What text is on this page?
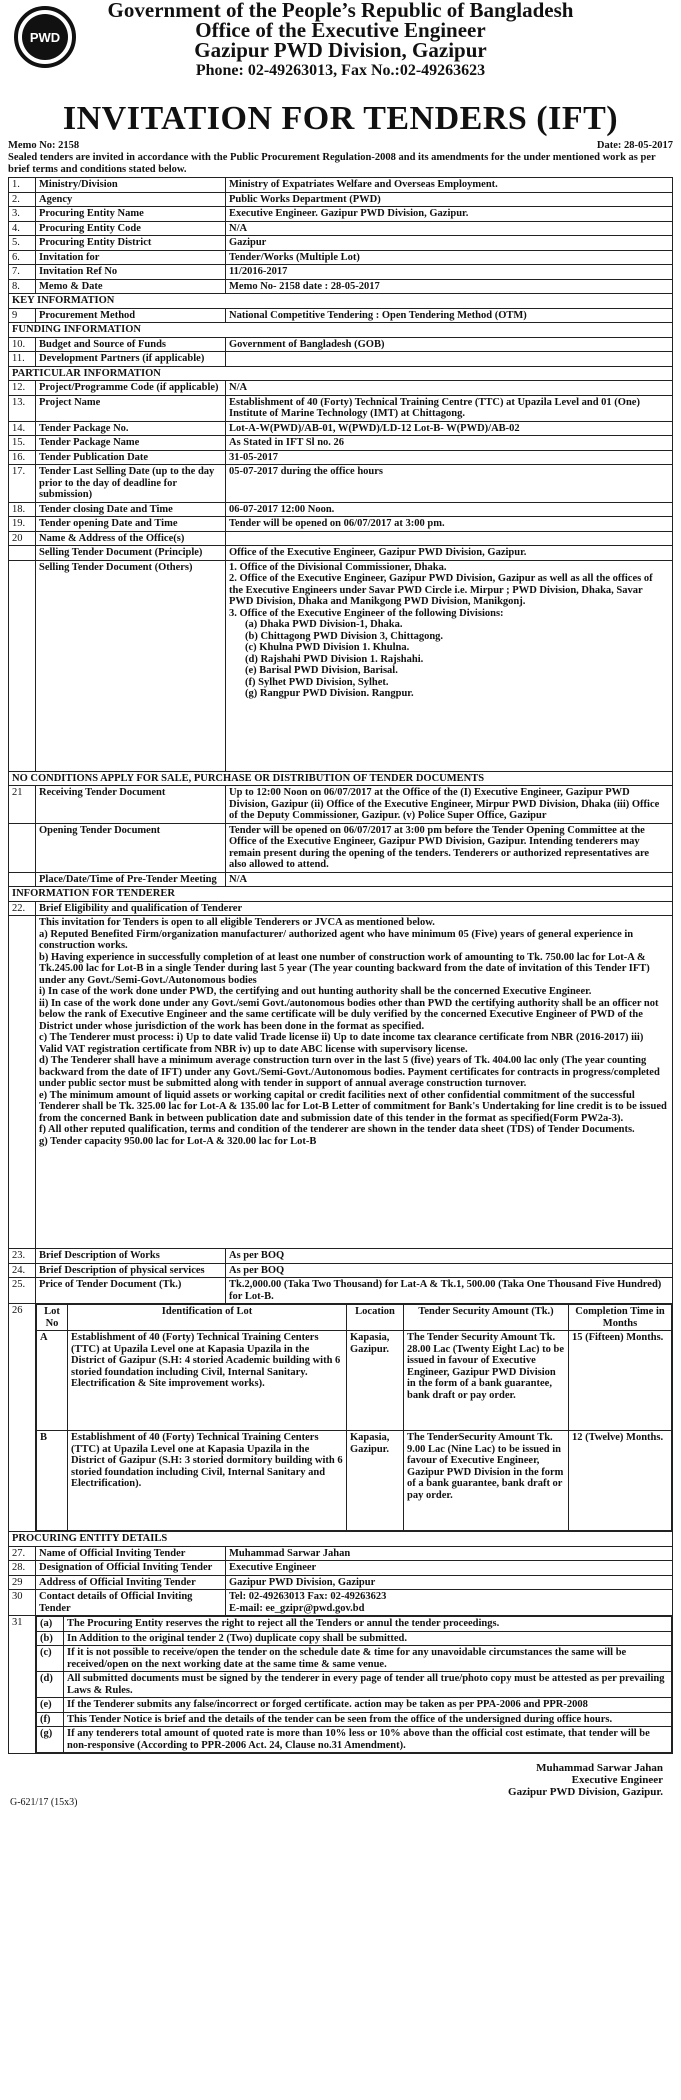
PWD
Government of the People’s Republic of Bangladesh
Office of the Executive Engineer
Gazipur PWD Division, Gazipur
Phone: 02-49263013, Fax No.:02-49263623
INVITATION FOR TENDERS (IFT)
Memo No: 2158	Date: 28-05-2017
Sealed tenders are invited in accordance with the Public Procurement Regulation-2008 and its amendments for the under mentioned work as per brief terms and conditions stated below.
1.	Ministry/Division	Ministry of Expatriates Welfare and Overseas Employment.
2.	Agency	Public Works Department (PWD)
3.	Procuring Entity Name	Executive Engineer. Gazipur PWD Division, Gazipur.
4.	Procuring Entity Code	N/A
5.	Procuring Entity District	Gazipur
6.	Invitation for	Tender/Works (Multiple Lot)
7.	Invitation Ref No	11/2016-2017
8.	Memo & Date	Memo No- 2158 date : 28-05-2017
KEY INFORMATION
9	Procurement Method	National Competitive Tendering : Open Tendering Method (OTM)
FUNDING INFORMATION
10.	Budget and Source of Funds	Government of Bangladesh (GOB)
11.	Development Partners (if applicable)	
PARTICULAR INFORMATION
12.	Project/Programme Code (if applicable)	N/A
13.	Project Name	Establishment of 40 (Forty) Technical Training Centre (TTC) at Upazila Level and 01 (One) Institute of Marine Technology (IMT) at Chittagong.
14.	Tender Package No.	Lot-A-W(PWD)/AB-01, W(PWD)/LD-12 Lot-B- W(PWD)/AB-02
15.	Tender Package Name	As Stated in IFT Sl no. 26
16.	Tender Publication Date	31-05-2017
17.	Tender Last Selling Date (up to the day prior to the day of deadline for submission)	05-07-2017 during the office hours
18.	Tender closing Date and Time	06-07-2017 12:00 Noon.
19.	Tender opening Date and Time	Tender will be opened on 06/07/2017 at 3:00 pm.
20	Name & Address of the Office(s)	
	Selling Tender Document (Principle)	Office of the Executive Engineer, Gazipur PWD Division, Gazipur.
	Selling Tender Document (Others)	1. Office of the Divisional Commissioner, Dhaka.
2. Office of the Executive Engineer, Gazipur PWD Division, Gazipur as well as all the offices of the Executive Engineers under Savar PWD Circle i.e. Mirpur ; PWD Division, Dhaka, Savar PWD Division, Dhaka and Manikgong PWD Division, Manikgonj.
3. Office of the Executive Engineer of the following Divisions:
(a) Dhaka PWD Division-1, Dhaka.
(b) Chittagong PWD Division 3, Chittagong.
(c) Khulna PWD Division 1. Khulna.
(d) Rajshahi PWD Division 1. Rajshahi.
(e) Barisal PWD Division, Barisal.
(f) Sylhet PWD Division, Sylhet.
(g) Rangpur PWD Division. Rangpur.

NO CONDITIONS APPLY FOR SALE, PURCHASE OR DISTRIBUTION OF TENDER DOCUMENTS
21	Receiving Tender Document	Up to 12:00 Noon on 06/07/2017 at the Office of the (I) Executive Engineer, Gazipur PWD Division, Gazipur (ii) Office of the Executive Engineer, Mirpur PWD Division, Dhaka (iii) Office of the Deputy Commissioner, Gazipur. (v) Police Super Office, Gazipur
	Opening Tender Document	Tender will be opened on 06/07/2017 at 3:00 pm before the Tender Opening Committee at the Office of the Executive Engineer, Gazipur PWD Division, Gazipur. Intending tenderers may remain present during the opening of the tenders. Tenderers or authorized representatives are also allowed to attend.
	Place/Date/Time of Pre-Tender Meeting	N/A
INFORMATION FOR TENDERER
22.	Brief Eligibility and qualification of Tenderer

This invitation for Tenders is open to all eligible Tenderers or JVCA as mentioned below.

a) Reputed Benefited Firm/organization manufacturer/ authorized agent who have minimum 05 (Five) years of general experience in construction works.

b) Having experience in successfully completion of at least one number of construction work of amounting to Tk. 750.00 lac for Lot-A & Tk.245.00 lac for Lot-B in a single Tender during last 5 year (The year counting backward from the date of invitation of this Tender IFT) under any Govt./Semi-Govt./Autonomous bodies

i) In case of the work done under PWD, the certifying and out hunting authority shall be the concerned Executive Engineer.

ii) In case of the work done under any Govt./semi Govt./autonomous bodies other than PWD the certifying authority shall be an officer not below the rank of Executive Engineer and the same certificate will be duly verified by the concerned Executive Engineer of PWD of the District under whose jurisdiction of the work has been done in the format as specified.

c) The Tenderer must process: i) Up to date valid Trade license ii) Up to date income tax clearance certificate from NBR (2016-2017) iii) Valid VAT registration certificate from NBR iv) up to date ABC license with supervisory license.

d) The Tenderer shall have a minimum average construction turn over in the last 5 (five) years of Tk. 404.00 lac only (The year counting backward from the date of IFT) under any Govt./Semi-Govt./Autonomous bodies. Payment certificates for contracts in progress/completed under public sector must be submitted along with tender in support of annual average construction turnover.

e) The minimum amount of liquid assets or working capital or credit facilities next of other confidential commitment of the successful Tenderer shall be Tk. 325.00 lac for Lot-A & 135.00 lac for Lot-B Letter of commitment for Bank's Undertaking for line credit is to be issued from the concerned Bank in between publication date and submission date of this tender in the format as specified(Form PW2a-3).

f) All other reputed qualification, terms and condition of the tenderer are shown in the tender data sheet (TDS) of Tender Documents.

g) Tender capacity 950.00 lac for Lot-A & 320.00 lac for Lot-B

23.	Brief Description of Works	As per BOQ
24.	Brief Description of physical services	As per BOQ
25.	Price of Tender Document (Tk.)	Tk.2,000.00 (Taka Two Thousand) for Lat-A & Tk.1, 500.00 (Taka One Thousand Five Hundred) for Lot-B.
26	Lot No	Identification of Lot	Location	Tender Security Amount (Tk.)	Completion Time in Months
A	Establishment of 40 (Forty) Technical Training Centers (TTC) at Upazila Level one at Kapasia Upazila in the District of Gazipur (S.H: 4 storied Academic building with 6 storied foundation including Civil, Internal Sanitary. Electrification & Site improvement works).	Kapasia, Gazipur.	The Tender Security Amount Tk. 28.00 Lac (Twenty Eight Lac) to be issued in favour of Executive Engineer, Gazipur PWD Division in the form of a bank guarantee, bank draft or pay order.	15 (Fifteen) Months.
B	Establishment of 40 (Forty) Technical Training Centers (TTC) at Upazila Level one at Kapasia Upazila in the District of Gazipur (S.H: 3 storied dormitory building with 6 storied foundation including Civil, Internal Sanitary and Electrification).	Kapasia, Gazipur.	The TenderSecurity Amount Tk. 9.00 Lac (Nine Lac) to be issued in favour of Executive Engineer, Gazipur PWD Division in the form of a bank guarantee, bank draft or pay order.	12 (Twelve) Months.

PROCURING ENTITY DETAILS
27.	Name of Official Inviting Tender	Muhammad Sarwar Jahan
28.	Designation of Official Inviting Tender	Executive Engineer
29	Address of Official Inviting Tender	Gazipur PWD Division, Gazipur
30	Contact details of Official Inviting Tender	
Tel: 02-49263013 Fax: 02-49263623
E-mail: ee_gzipr@pwd.gov.bd

31	(a)	The Procuring Entity reserves the right to reject all the Tenders or annul the tender proceedings.
(b)	In Addition to the original tender 2 (Two) duplicate copy shall be submitted.
(c)	If it is not possible to receive/open the tender on the schedule date & time for any unavoidable circumstances the same will be received/open on the next working date at the same time & same venue.
(d)	All submitted documents must be signed by the tenderer in every page of tender all true/photo copy must be attested as per prevailing Laws & Rules.
(e)	If the Tenderer submits any false/incorrect or forged certificate. action may be taken as per PPA-2006 and PPR-2008
(f)	This Tender Notice is brief and the details of the tender can be seen from the office of the undersigned during office hours.
(g)	If any tenderers total amount of quoted rate is more than 10% less or 10% above than the official cost estimate, that tender will be non-responsive (According to PPR-2006 Act. 24, Clause no.31 Amendment).
Muhammad Sarwar Jahan
Executive Engineer
Gazipur PWD Division, Gazipur.
G-621/17 (15x3)
